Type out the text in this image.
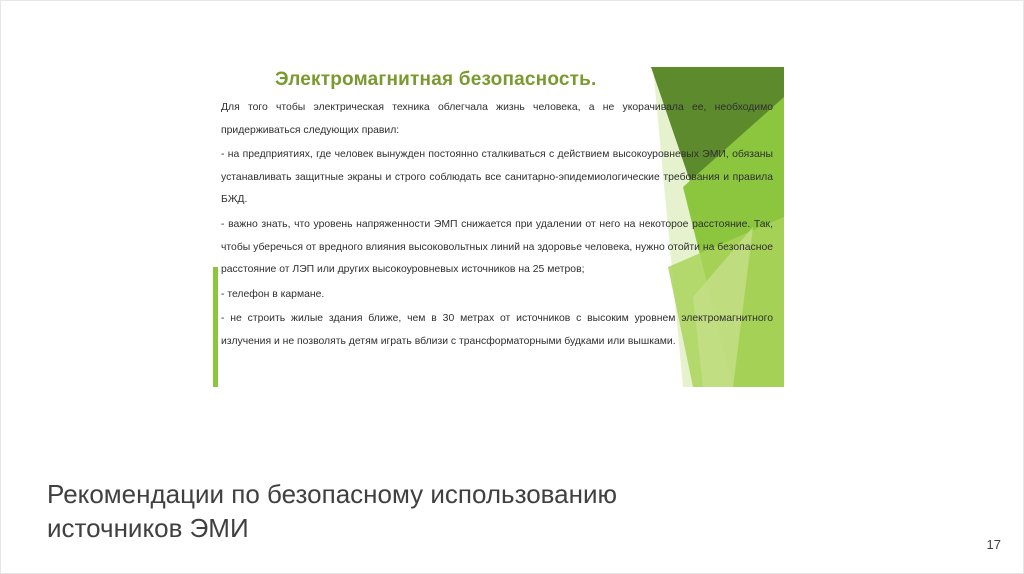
Электромагнитная безопасность.

Для того чтобы электрическая техника облегчала жизнь человека, а не укорачивала ее, необходимо придерживаться следующих правил:

- на предприятиях, где человек вынужден постоянно сталкиваться с действием высокоуровневых ЭМИ, обязаны устанавливать защитные экраны и строго соблюдать все санитарно-эпидемиологические требования и правила БЖД.

- важно знать, что уровень напряженности ЭМП снижается при удалении от него на некоторое расстояние. Так, чтобы уберечься от вредного влияния высоковольтных линий на здоровье человека, нужно отойти на безопасное расстояние от ЛЭП или других высокоуровневых источников на 25 метров;

- телефон в кармане.

- не строить жилые здания ближе, чем в 30 метрах от источников с высоким уровнем электромагнитного излучения и не позволять детям играть вблизи с трансформаторными будками или вышками.

Рекомендации по безопасному использованию источников ЭМИ
17
